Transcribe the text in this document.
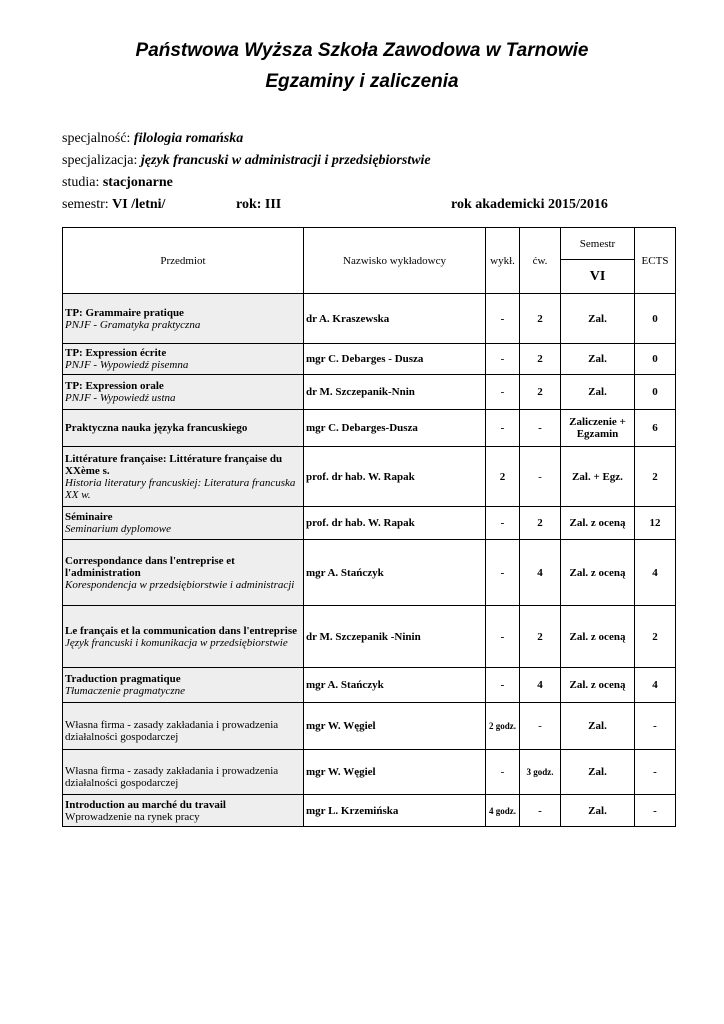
Państwowa Wyższa Szkoła Zawodowa w Tarnowie
Egzaminy i zaliczenia
specjalność: filologia romańska
specjalizacja: język francuski w administracji i przedsiębiorstwie
studia: stacjonarne
semestr: VI /letni/	rok: III	rok akademicki 2015/2016
Przedmiot	Nazwisko wykładowcy	wykł.	ćw.	Semestr	ECTS
				VI	

TP: Grammaire pratique
PNJF - Gramatyka praktyczna	dr A. Kraszewska	-	2	Zal.	0

TP: Expression écrite
PNJF - Wypowiedź pisemna	mgr C. Debarges - Dusza	-	2	Zal.	0

TP: Expression orale
PNJF - Wypowiedź ustna	dr M. Szczepanik-Nnin	-	2	Zal.	0

Praktyczna nauka języka francuskiego	mgr C. Debarges-Dusza	-	-	Zaliczenie + Egzamin	6

Littérature française: Littérature française du XXème s.
Historia literatury francuskiej: Literatura francuska XX w.	prof. dr hab. W. Rapak	2	-	Zal. + Egz.	2

Séminaire
Seminarium dyplomowe	prof. dr hab. W. Rapak	-	2	Zal. z oceną	12

Correspondance dans l'entreprise et l'administration
Korespondencja w przedsiębiorstwie i administracji	mgr A. Stańczyk	-	4	Zal. z oceną	4

Le français et la communication dans l'entreprise
Język francuski i komunikacja w przedsiębiorstwie	dr M. Szczepanik -Ninin	-	2	Zal. z oceną	2

Traduction pragmatique
Tłumaczenie pragmatyczne	mgr A. Stańczyk	-	4	Zal. z oceną	4

Własna firma - zasady zakładania i prowadzenia działalności gospodarczej	mgr W. Węgiel	2 godz.	-	Zal.	-

Własna firma - zasady zakładania i prowadzenia działalności gospodarczej	mgr W. Węgiel	-	3 godz.	Zal.	-

Introduction au marché du travail
Wprowadzenie na rynek pracy	mgr L. Krzemińska	4 godz.	-	Zal.	-
